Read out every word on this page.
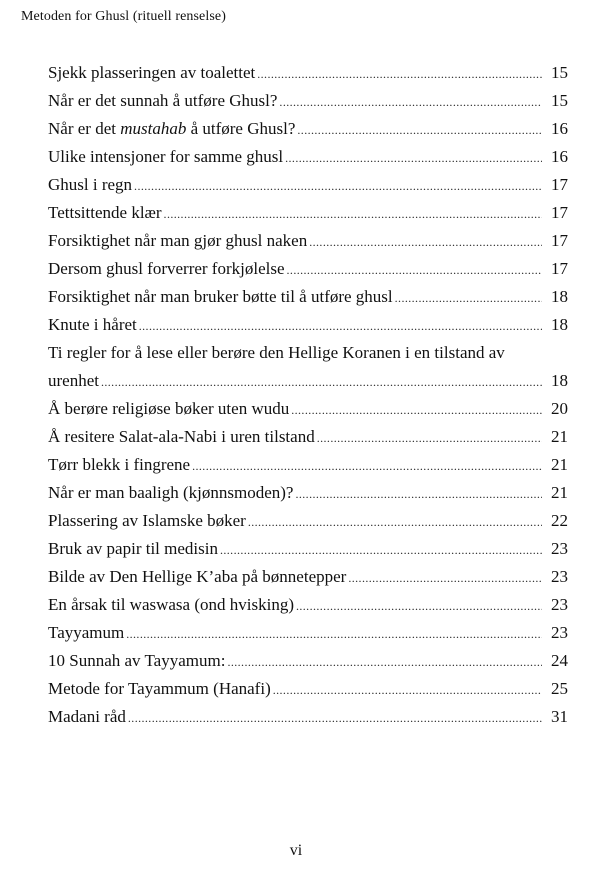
Metoden for Ghusl (rituell renselse)
Sjekk plasseringen av toalettet .....	15
Når er det sunnah å utføre Ghusl? .....	15
Når er det mustahab å utføre Ghusl? .....	16
Ulike intensjoner for samme ghusl .....	16
Ghusl i regn .....	17
Tettsittende klær .....	17
Forsiktighet når man gjør ghusl naken .....	17
Dersom ghusl forverrer forkjølelse .....	17
Forsiktighet når man bruker bøtte til å utføre ghusl .....	18
Knute i håret .....	18
Ti regler for å lese eller berøre den Hellige Koranen i en tilstand av
urenhet .....	18
Å berøre religiøse bøker uten wudu .....	20
Å resitere Salat-ala-Nabi i uren tilstand .....	21
Tørr blekk i fingrene .....	21
Når er man baaligh (kjønnsmoden)? .....	21
Plassering av Islamske bøker .....	22
Bruk av papir til medisin .....	23
Bilde av Den Hellige K’aba på bønnetepper .....	23
En årsak til waswasa (ond hvisking) .....	23
Tayyamum .....	23
10 Sunnah av Tayyamum: .....	24
Metode for Tayammum (Hanafi) .....	25
Madani råd .....	31
vi
